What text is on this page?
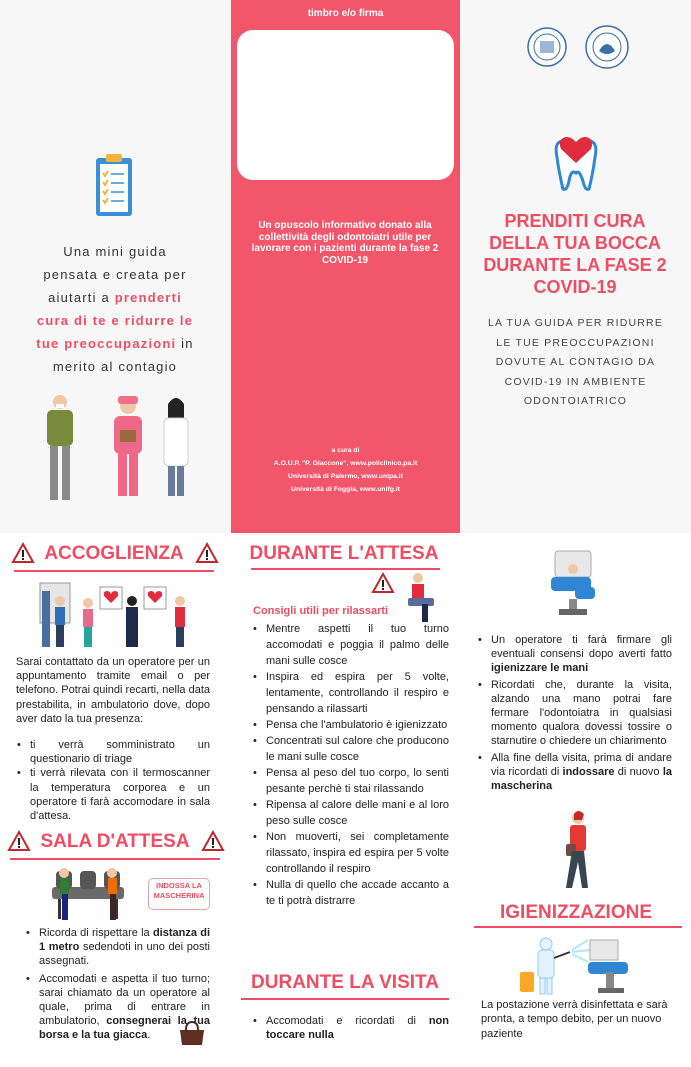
timbro e/o firma
Un opuscolo informativo donato alla collettività degli odontoiatri utile per lavorare con i pazienti durante la fase 2 COVID-19
a cura di
A.O.U.P. "P. Giaccone", www.policlinico.pa.it
Università di Palermo, www.unipa.it
Università di Foggia, www.unifg.it
Una mini guida
pensata e creata per
aiutarti a prenderti
cura di te e ridurre le
tue preoccupazioni in
merito al contagio
PRENDITI CURA
DELLA TUA BOCCA
DURANTE LA FASE 2
COVID-19
LA TUA GUIDA PER RIDURRE
LE TUE PREOCCUPAZIONI
DOVUTE AL CONTAGIO DA
COVID-19 IN AMBIENTE
ODONTOIATRICO
ACCOGLIENZA
Sarai contattato da un operatore per un appuntamento tramite email o per telefono. Potrai quindi recarti, nella data prestabilita, in ambulatorio dove, dopo aver dato la tua presenza:
• ti verrà somministrato un questionario di triage
• ti verrà rilevata con il termoscanner la temperatura corporea e un operatore ti farà accomodare in sala d'attesa.
SALA D'ATTESA
INDOSSA LA MASCHERINA
• Ricorda di rispettare la distanza di 1 metro sedendoti in uno dei posti assegnati.
• Accomodati e aspetta il tuo turno; sarai chiamato da un operatore al quale, prima di entrare in ambulatorio, consegnerai la tua borsa e la tua giacca.
DURANTE L'ATTESA
Consigli utili per rilassarti
• Mentre aspetti il tuo turno accomodati e poggia il palmo delle mani sulle cosce
• Inspira ed espira per 5 volte, lentamente, controllando il respiro e pensando a rilassarti
• Pensa che l'ambulatorio è igienizzato
• Concentrati sul calore che producono le mani sulle cosce
• Pensa al peso del tuo corpo, lo senti pesante perchè ti stai rilassando
• Ripensa al calore delle mani e al loro peso sulle cosce
• Non muoverti, sei completamente rilassato, inspira ed espira per 5 volte controllando il respiro
• Nulla di quello che accade accanto a te ti potrà distrarre
DURANTE LA VISITA
• Accomodati e ricordati di non toccare nulla
• Un operatore ti farà firmare gli eventuali consensi dopo averti fatto igienizzare le mani
• Ricordati che, durante la visita, alzando una mano potrai fare fermare l'odontoiatra in qualsiasi momento qualora dovessi tossire o starnutire o chiedere un chiarimento
• Alla fine della visita, prima di andare via ricordati di indossare di nuovo la mascherina
IGIENIZZAZIONE
La postazione verrà disinfettata e sarà pronta, a tempo debito, per un nuovo paziente
